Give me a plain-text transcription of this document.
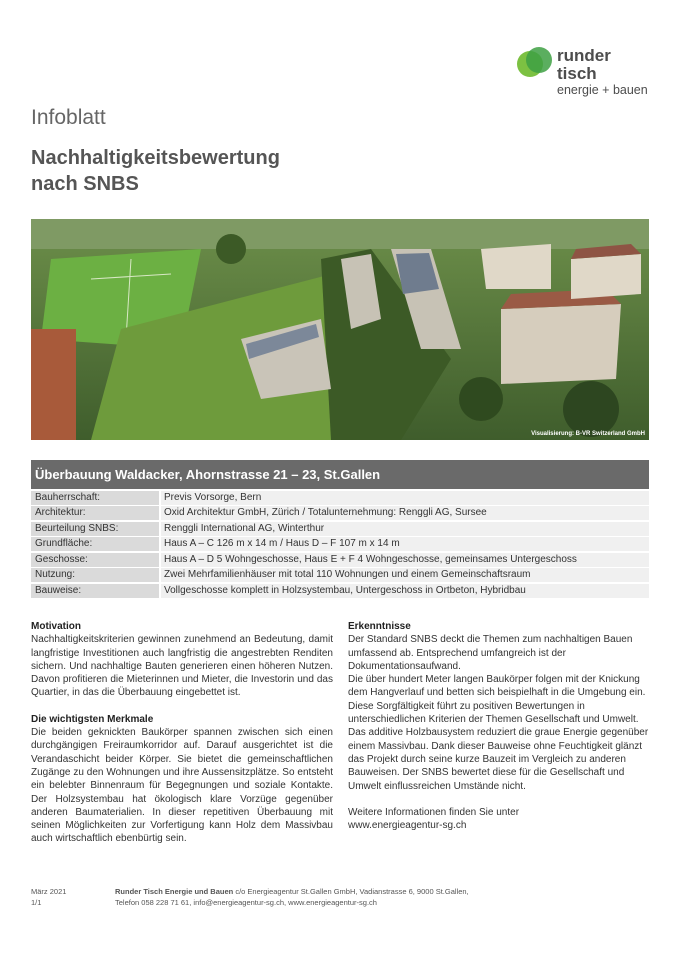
runder
tisch
energie + bauen
Infoblatt
Nachhaltigkeitsbewertung
nach SNBS
Visualisierung: B-VR Switzerland GmbH
Überbauung Waldacker, Ahornstrasse 21 – 23, St.Gallen
Bauherrschaft:	Previs Vorsorge, Bern
Architektur:	Oxid Architektur GmbH, Zürich / Totalunternehmung: Renggli AG, Sursee
Beurteilung SNBS:	Renggli International AG, Winterthur
Grundfläche:	Haus A – C 126 m x 14 m / Haus D – F 107 m x 14 m
Geschosse:	Haus A – D 5 Wohngeschosse, Haus E + F 4 Wohngeschosse, gemeinsames Untergeschoss
Nutzung:	Zwei Mehrfamilienhäuser mit total 110 Wohnungen und einem Gemeinschaftsraum
Bauweise:	Vollgeschosse komplett in Holzsystembau, Untergeschoss in Ortbeton, Hybridbau
Motivation

Nachhaltigkeitskriterien gewinnen zunehmend an Bedeutung, damit langfristige Investitionen auch langfristig die angestrebten Renditen sichern. Und nachhaltige Bauten generieren einen höheren Nutzen. Davon profitieren die Mieterinnen und Mieter, die Investorin und das Quartier, in das die Überbauung eingebettet ist.

Die wichtigsten Merkmale

Die beiden geknickten Baukörper spannen zwischen sich einen durchgängigen Freiraumkorridor auf. Darauf ausgerichtet ist die Verandaschicht beider Körper. Sie bietet die gemeinschaftlichen Zugänge zu den Wohnungen und ihre Aussensitzplätze. So entsteht ein belebter Binnenraum für Begegnungen und soziale Kontakte. Der Holzsystembau hat ökologisch klare Vorzüge gegenüber anderen Baumaterialien. In dieser repetitiven Überbauung mit seinen Möglichkeiten zur Vorfertigung kann Holz dem Massivbau auch wirtschaftlich ebenbürtig sein.

Erkenntnisse

Der Standard SNBS deckt die Themen zum nachhaltigen Bauen umfassend ab. Entsprechend umfangreich ist der Dokumentationsaufwand.

Die über hundert Meter langen Baukörper folgen mit der Knickung dem Hangverlauf und betten sich beispielhaft in die Umgebung ein. Diese Sorgfältigkeit führt zu positiven Bewertungen in unterschiedlichen Kriterien der Themen Gesellschaft und Umwelt.

Das additive Holzbausystem reduziert die graue Energie gegenüber einem Massivbau. Dank dieser Bauweise ohne Feuchtigkeit glänzt das Projekt durch seine kurze Bauzeit im Vergleich zu anderen Bauweisen. Der SNBS bewertet diese für die Gesellschaft und Umwelt einflussreichen Umstände nicht.

Weitere Informationen finden Sie unter
www.energieagentur-sg.ch
März 2021
1/1
Runder Tisch Energie und Bauen c/o Energieagentur St.Gallen GmbH, Vadianstrasse 6, 9000 St.Gallen,
Telefon 058 228 71 61, info@energieagentur-sg.ch, www.energieagentur-sg.ch
